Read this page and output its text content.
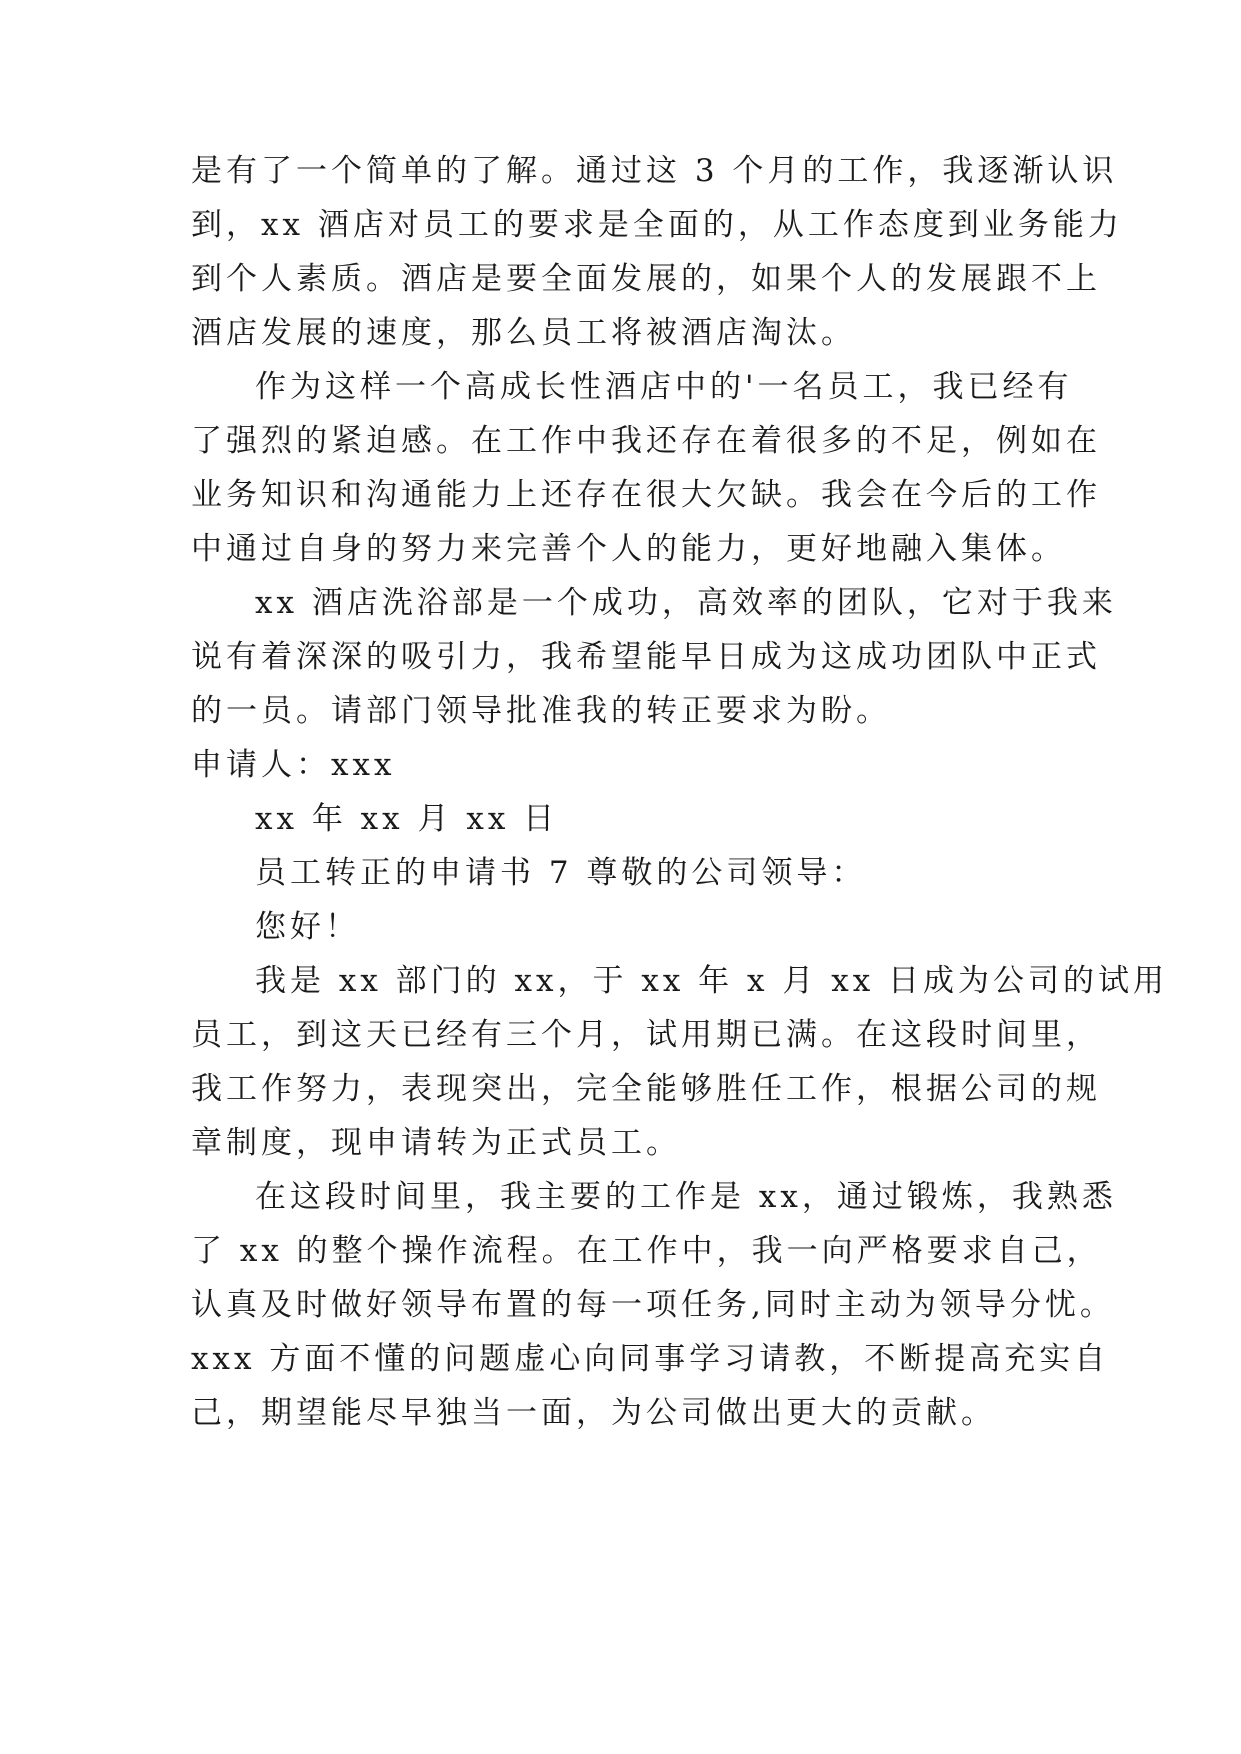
是有了一个简单的了解。通过这 3 个月的工作，我逐渐认识
到，xx 酒店对员工的要求是全面的，从工作态度到业务能力
到个人素质。酒店是要全面发展的，如果个人的发展跟不上
酒店发展的速度，那么员工将被酒店淘汰。
作为这样一个高成长性酒店中的'一名员工，我已经有
了强烈的紧迫感。在工作中我还存在着很多的不足，例如在
业务知识和沟通能力上还存在很大欠缺。我会在今后的工作
中通过自身的努力来完善个人的能力，更好地融入集体。
xx 酒店洗浴部是一个成功，高效率的团队，它对于我来
说有着深深的吸引力，我希望能早日成为这成功团队中正式
的一员。请部门领导批准我的转正要求为盼。
申请人：xxx
xx 年 xx 月 xx 日
员工转正的申请书 7 尊敬的公司领导：
您好！
我是 xx 部门的 xx，于 xx 年 x 月 xx 日成为公司的试用
员工，到这天已经有三个月，试用期已满。在这段时间里，
我工作努力，表现突出，完全能够胜任工作，根据公司的规
章制度，现申请转为正式员工。
在这段时间里，我主要的工作是 xx，通过锻炼，我熟悉
了 xx 的整个操作流程。在工作中，我一向严格要求自己，
认真及时做好领导布置的每一项任务,同时主动为领导分忧。
xxx 方面不懂的问题虚心向同事学习请教，不断提高充实自
己，期望能尽早独当一面，为公司做出更大的贡献。
